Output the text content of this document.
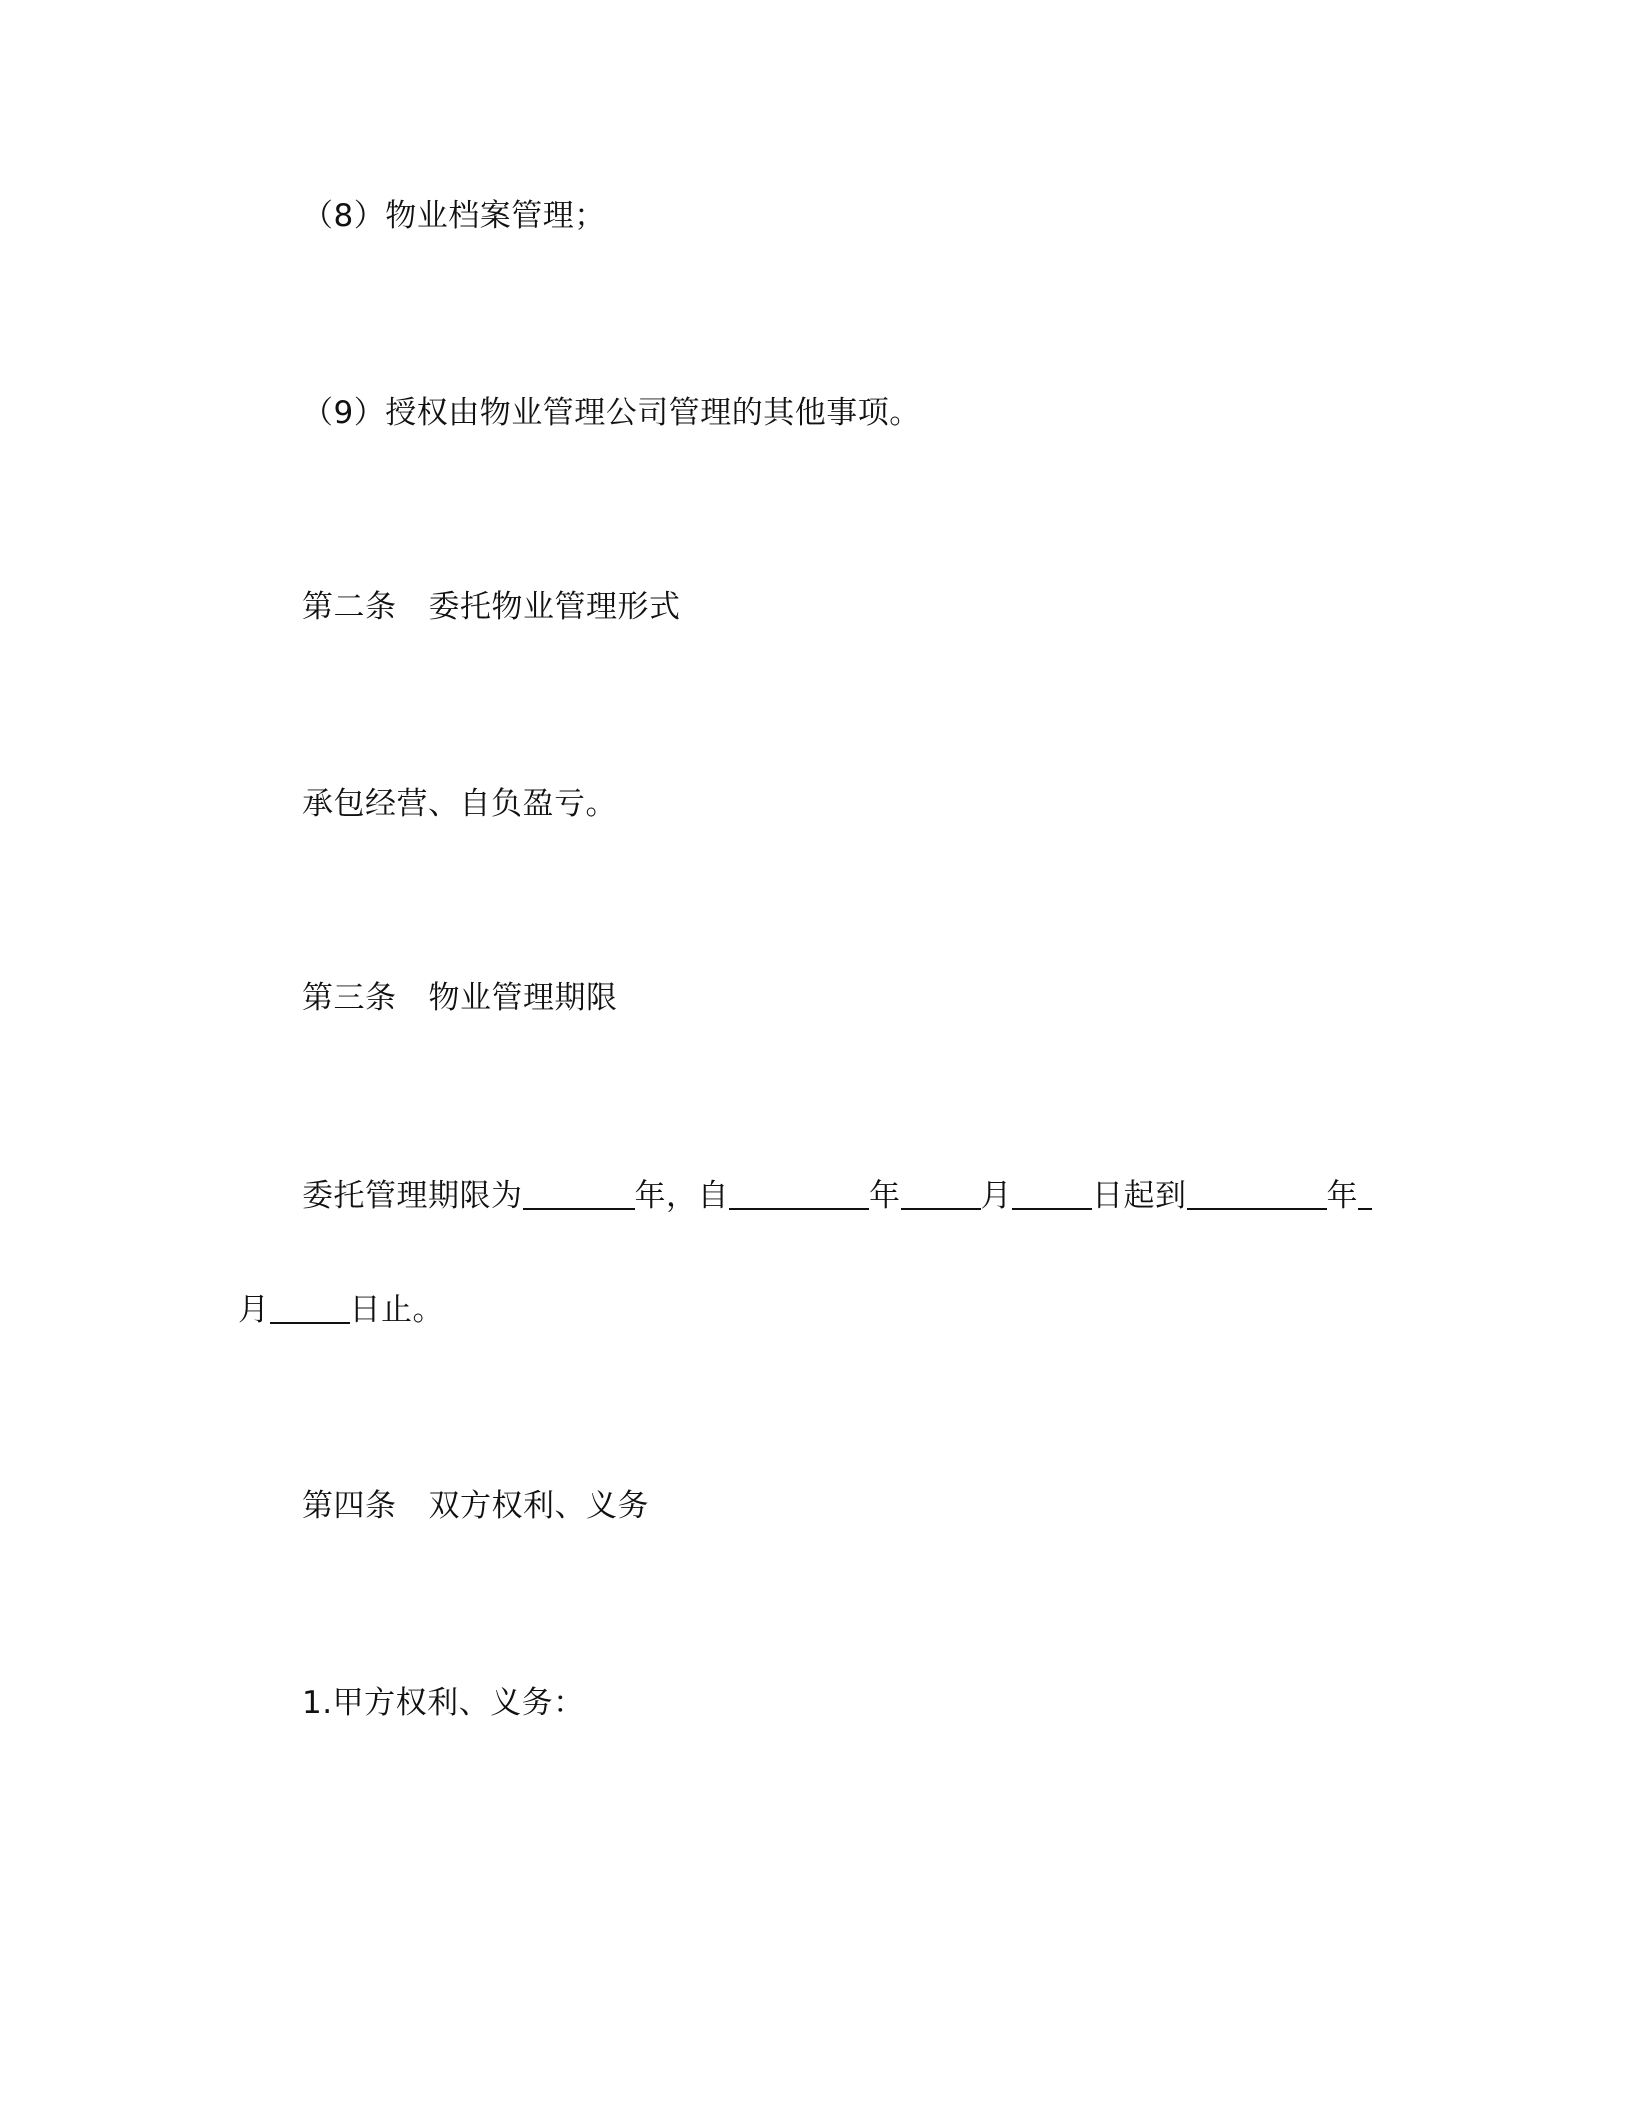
（8）物业档案管理；
（9）授权由物业管理公司管理的其他事项。
第二条 委托物业管理形式
承包经营、自负盈亏。
第三条 物业管理期限
委托管理期限为	年，自	年	月	日起到	年
月	日止。
第四条 双方权利、义务
1.甲方权利、义务：
